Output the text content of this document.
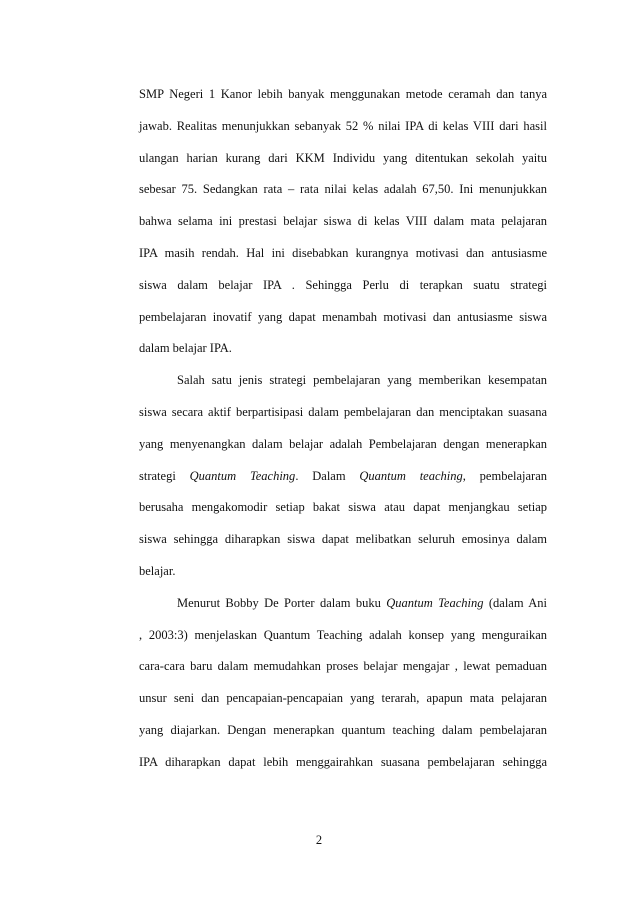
SMP Negeri 1 Kanor lebih banyak menggunakan metode ceramah dan tanya
jawab. Realitas menunjukkan sebanyak 52 % nilai IPA di kelas VIII dari hasil
ulangan harian kurang dari KKM Individu yang ditentukan sekolah yaitu
sebesar 75. Sedangkan rata – rata nilai kelas adalah 67,50. Ini menunjukkan
bahwa selama ini prestasi belajar siswa di kelas VIII dalam mata pelajaran
IPA masih rendah. Hal ini disebabkan kurangnya motivasi dan antusiasme
siswa dalam belajar IPA . Sehingga Perlu di terapkan suatu strategi
pembelajaran inovatif yang dapat menambah motivasi dan antusiasme siswa
dalam belajar IPA.
Salah satu jenis strategi pembelajaran yang memberikan kesempatan
siswa secara aktif berpartisipasi dalam pembelajaran dan menciptakan suasana
yang menyenangkan dalam belajar adalah Pembelajaran dengan menerapkan
strategi Quantum Teaching. Dalam Quantum teaching, pembelajaran
berusaha mengakomodir setiap bakat siswa atau dapat menjangkau setiap
siswa sehingga diharapkan siswa dapat melibatkan seluruh emosinya dalam
belajar.
Menurut Bobby De Porter dalam buku Quantum Teaching (dalam Ani
, 2003:3) menjelaskan Quantum Teaching adalah konsep yang menguraikan
cara-cara baru dalam memudahkan proses belajar mengajar , lewat pemaduan
unsur seni dan pencapaian-pencapaian yang terarah, apapun mata pelajaran
yang diajarkan. Dengan menerapkan quantum teaching dalam pembelajaran
IPA diharapkan dapat lebih menggairahkan suasana pembelajaran sehingga
2
